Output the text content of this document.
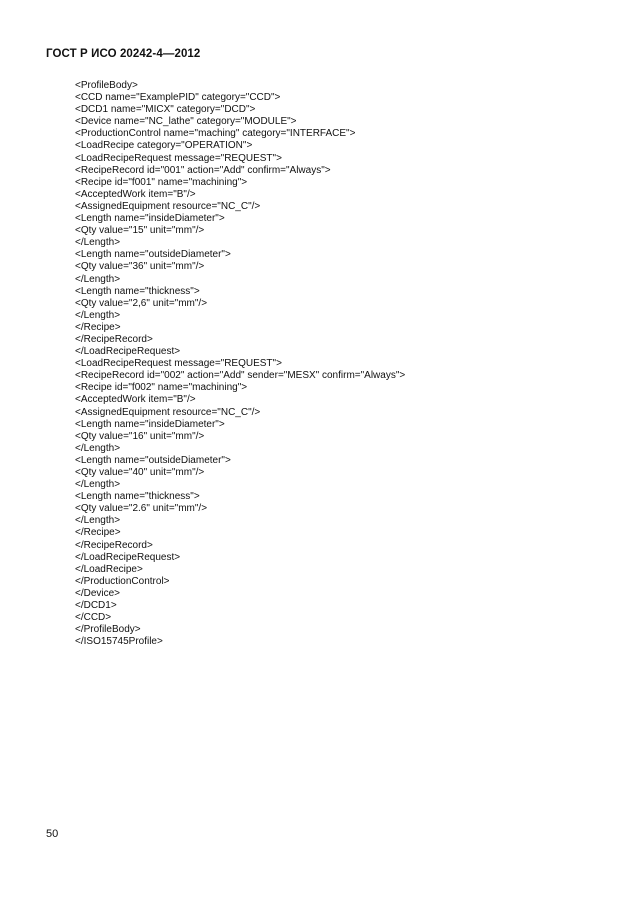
ГОСТ Р ИСО 20242-4—2012
<ProfileBody>
<CCD name="ExamplePID" category="CCD">
<DCD1 name="MICX" category="DCD">
<Device name="NC_lathe" category="MODULE">
<ProductionControl name="maching" category="INTERFACE">
<LoadRecipe category="OPERATION">
<LoadRecipeRequest message="REQUEST">
<RecipeRecord id="001" action="Add" confirm="Always">
<Recipe id="f001" name="machining">
<AcceptedWork item="B"/>
<AssignedEquipment resource="NC_C"/>
<Length name="insideDiameter">
<Qty value="15" unit="mm"/>
</Length>
<Length name="outsideDiameter">
<Qty value="36" unit="mm"/>
</Length>
<Length name="thickness">
<Qty value="2,6" unit="mm"/>
</Length>
</Recipe>
</RecipeRecord>
</LoadRecipeRequest>
<LoadRecipeRequest message="REQUEST">
<RecipeRecord id="002" action="Add" sender="MESX" confirm="Always">
<Recipe id="f002" name="machining">
<AcceptedWork item="B"/>
<AssignedEquipment resource="NC_C"/>
<Length name="insideDiameter">
<Qty value="16" unit="mm"/>
</Length>
<Length name="outsideDiameter">
<Qty value="40" unit="mm"/>
</Length>
<Length name="thickness">
<Qty value="2.6" unit="mm"/>
</Length>
</Recipe>
</RecipeRecord>
</LoadRecipeRequest>
</LoadRecipe>
</ProductionControl>
</Device>
</DCD1>
</CCD>
</ProfileBody>
</ISO15745Profile>
50
